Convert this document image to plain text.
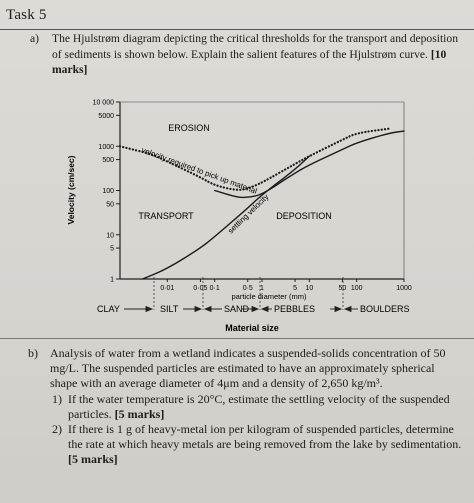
Task 5
a) The Hjulstrøm diagram depicting the critical thresholds for the transport and deposition of sediments is shown below. Explain the salient features of the Hjulstrøm curve. [10 marks]
10 000
5000
1000
500
100
50
10
5
1
0·01	0·05 0·1	0·5 1	5 10	50 100	1000
Velocity (cm/sec)
particle diameter (mm)
EROSION
TRANSPORT	DEPOSITION
velocity required to pick up material
settling velocity
CLAY	SILT	SAND	PEBBLES	BOULDERS
Material size
b) Analysis of water from a wetland indicates a suspended-solids concentration of 50 mg/L. The suspended particles are estimated to have an approximately spherical shape with an average diameter of 4μm and a density of 2,650 kg/m³.
1) If the water temperature is 20°C, estimate the settling velocity of the suspended particles. [5 marks]
2) If there is 1 g of heavy-metal ion per kilogram of suspended particles, determine the rate at which heavy metals are being removed from the lake by sedimentation. [5 marks]
